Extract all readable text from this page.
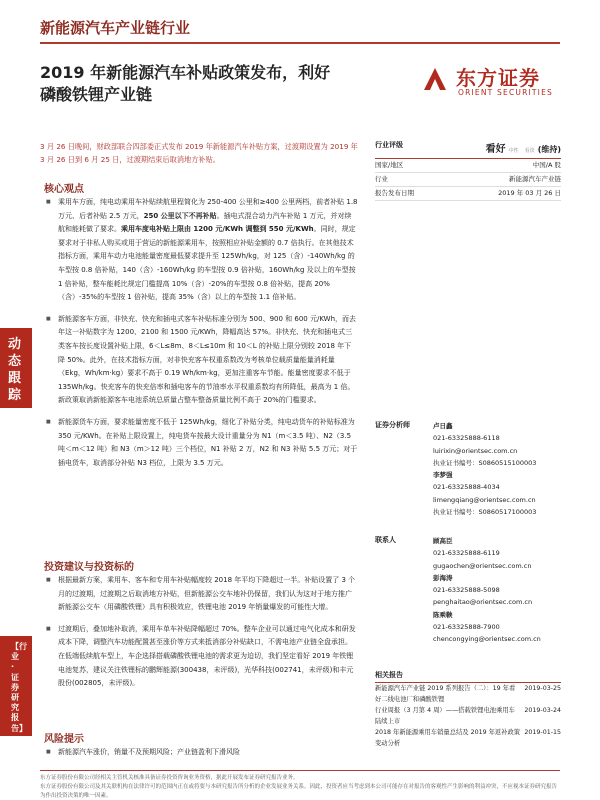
新能源汽车产业链行业
2019 年新能源汽车补贴政策发布，利好
磷酸铁锂产业链
东方证券
ORIENT SECURITIES
3 月 26 日晚间，财政部联合四部委正式发布 2019 年新能源汽车补贴方案，过渡期设置为 2019 年 3 月 26 日到 6 月 25 日，过渡期结束后取消地方补贴。
核心观点
■ 乘用车方面，纯电动乘用车补贴续航里程简化为 250-400 公里和≥400 公里两档，前者补贴 1.8 万元、后者补贴 2.5 万元，250 公里以下不再补贴。插电式混合动力汽车补贴 1 万元，并对续航和能耗做了要求。乘用车度电补贴上限由 1200 元/KWh 调整到 550 元/KWh。同时，规定要求对于非私人购买或用于营运的新能源乘用车，按照相应补贴金额的 0.7 倍执行。在其他技术指标方面，乘用车动力电池能量密度最低要求提升至 125Wh/kg，对 125（含）-140Wh/kg 的车型按 0.8 倍补贴，140（含）-160Wh/kg 的车型按 0.9 倍补贴，160Wh/kg 及以上的车型按 1 倍补贴，整车能耗比规定门槛提高 10%（含）-20%的车型按 0.8 倍补贴，提高 20%（含）-35%的车型按 1 倍补贴，提高 35%（含）以上的车型按 1.1 倍补贴。
■ 新能源客车方面，非快充、快充和插电式客车补贴标准分别为 500、900 和 600 元/KWh，而去年这一补贴数字为 1200、2100 和 1500 元/KWh，降幅高达 57%。非快充、快充和插电式三类客车按长度设置补贴上限，6＜L≤8m、8＜L≤10m 和 10＜L 的补贴上限分别较 2018 年下降 50%。此外，在技术指标方面，对非快充客车权重系数改为考核单位载质量能量消耗量（Ekg，Wh/km·kg）要求不高于 0.19 Wh/km·kg，更加注重客车节能。能量密度要求不低于 135Wh/kg。快充客车的快充倍率和插电客车的节油率水平权重系数均有所降低，最高为 1 倍。新政策取消新能源客车电池系统总质量占整车整备质量比例不高于 20%的门槛要求。
■ 新能源货车方面，要求能量密度不低于 125Wh/kg，细化了补贴分类，纯电动货车的补贴标准为 350 元/KWh。在补贴上限设置上，纯电货车按最大设计重量分为 N1（m＜3.5 吨）、N2（3.5 吨＜m＜12 吨）和 N3（m＞12 吨）三个档位，N1 补贴 2 万，N2 和 N3 补贴 5.5 万元；对于插电货车，取消部分补贴 N3 档位，上限为 3.5 万元。
投资建议与投资标的
■ 根据最新方案，乘用车、客车和专用车补贴幅度较 2018 年平均下降超过一半。补贴设置了 3 个月的过渡期，过渡期之后取消地方补贴，但新能源公交车地补仍保留，我们认为这对于地方推广新能源公交车（用磷酸铁锂）具有积极效应，铁锂电池 2019 年销量爆发的可能性大增。
■ 过渡期后，叠加地补取消，乘用车单车补贴降幅超过 70%。整车企业可以通过电气化成本和研发成本下降，调整汽车功能配置甚至涨价等方式来抵消部分补贴缺口，不需电池产业链全盘承担。在低端低续航车型上，车企选择搭载磷酸铁锂电池的需求更为迫切，我们坚定看好 2019 年铁锂电池复苏，建议关注铁锂标的鹏辉能源(300438，未评级)，光华科技(002741，未评级)和丰元股份(002805，未评级)。
风险提示
■ 新能源汽车涨价，销量不及预期风险；产业链盈利下滑风险
动态跟踪
【行业·证券研究报告】
行业评级	看好 中性 看淡 (维持)
国家/地区	中国/A 股
行业	新能源汽车产业链
报告发布日期	2019 年 03 月 26 日
证券分析师	卢日鑫
021-63325888-6118
luirixin@orientsec.com.cn
执业证书编号：S0860515100003
李梦强
021-63325888-4034
limengqiang@orientsec.com.cn
执业证书编号：S0860517100003
联系人	顾高臣
021-63325888-6119
gugaochen@orientsec.com.cn
彭海涛
021-63325888-5098
penghaitao@orientsec.com.cn
陈乘鞅
021-63325888-7900
chencongying@orientsec.com.cn
相关报告
新能源汽车产业链 2019 系列报告（二）：19 年看好二线电池厂和磷酸铁锂
2019-03-25
行业周报（3 月第 4 周）——搭载铁锂电池乘用车陆续上市
2019-03-24
2018 年新能源乘用车销量总结及 2019 年返补政策变动分析
2019-01-15
东方证券股份有限公司经相关主管机关核准具备证券投资咨询业务资格，据此开展发布证券研究报告业务。
东方证券股份有限公司及其关联机构在法律许可的范围内正在或将要与本研究报告所分析的企业发展业务关系。因此，投资者应当考虑到本公司可能存在对报告的客观性产生影响的利益冲突，不应视本证券研究报告为作出投资决策的唯一因素。
